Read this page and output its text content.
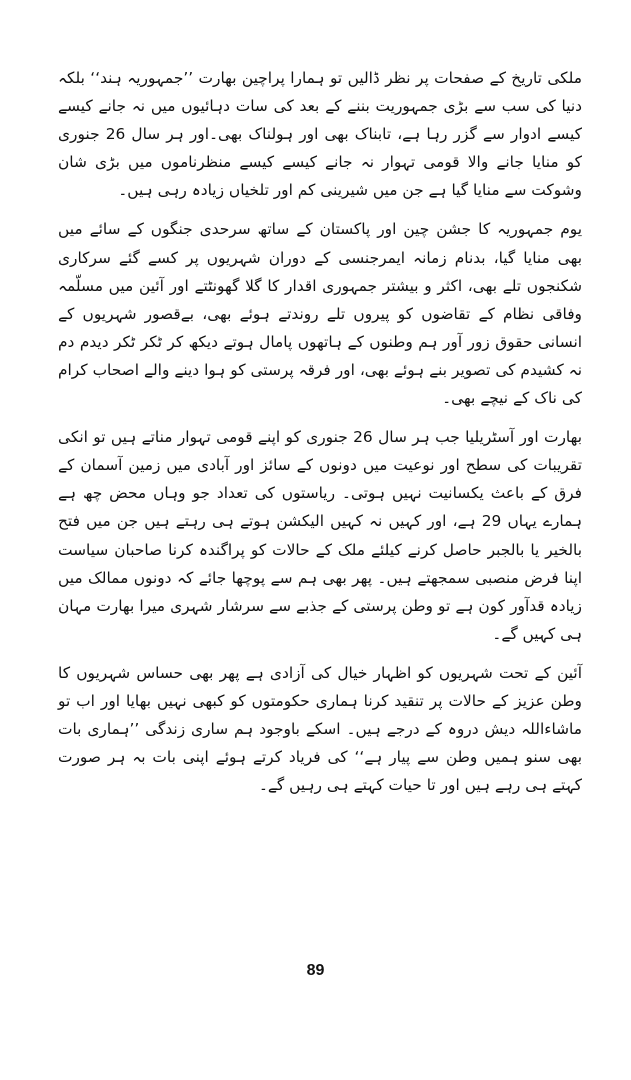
ملکی تاریخ کے صفحات پر نظر ڈالیں تو ہمارا پراچین بھارت ’’جمہوریہ ہند‘‘ بلکہ دنیا کی سب سے بڑی جمہوریت بننے کے بعد کی سات دہائیوں میں نہ جانے کیسے کیسے ادوار سے گزر رہا ہے، تابناک بھی اور ہولناک بھی۔اور ہر سال 26 جنوری کو منایا جانے والا قومی تہوار نہ جانے کیسے کیسے منظرناموں میں بڑی شان وشوکت سے منایا گیا ہے جن میں شیرینی کم اور تلخیاں زیادہ رہی ہیں۔

یوم جمہوریہ کا جشن چین اور پاکستان کے ساتھ سرحدی جنگوں کے سائے میں بھی منایا گیا، بدنام زمانہ ایمرجنسی کے دوران شہریوں پر کسے گئے سرکاری شکنجوں تلے بھی، اکثر و بیشتر جمہوری اقدار کا گلا گھونٹتے اور آئین میں مسلّمہ وفاقی نظام کے تقاضوں کو پیروں تلے روندتے ہوئے بھی، بےقصور شہریوں کے انسانی حقوق زور آور ہم وطنوں کے ہاتھوں پامال ہوتے دیکھ کر ٹکر ٹکر دیدم دم نہ کشیدم کی تصویر بنے ہوئے بھی، اور فرقہ پرستی کو ہوا دینے والے اصحاب کرام کی ناک کے نیچے بھی۔

بھارت اور آسٹریلیا جب ہر سال 26 جنوری کو اپنے قومی تہوار مناتے ہیں تو انکی تقریبات کی سطح اور نوعیت میں دونوں کے سائز اور آبادی میں زمین آسمان کے فرق کے باعث یکسانیت نہیں ہوتی۔ ریاستوں کی تعداد جو وہاں محض چھ ہے ہمارے یہاں 29 ہے، اور کہیں نہ کہیں الیکشن ہوتے ہی رہتے ہیں جن میں فتح بالخیر یا بالجبر حاصل کرنے کیلئے ملک کے حالات کو پراگندہ کرنا صاحبان سیاست اپنا فرض منصبی سمجھتے ہیں۔ پھر بھی ہم سے پوچھا جائے کہ دونوں ممالک میں زیادہ قدآور کون ہے تو وطن پرستی کے جذبے سے سرشار شہری میرا بھارت مہان ہی کہیں گے۔

آئین کے تحت شہریوں کو اظہار خیال کی آزادی ہے پھر بھی حساس شہریوں کا وطن عزیز کے حالات پر تنقید کرنا ہماری حکومتوں کو کبھی نہیں بھایا اور اب تو ماشاءاللہ دیش دروہ کے درجے ہیں۔ اسکے باوجود ہم ساری زندگی ’’ہماری بات بھی سنو ہمیں وطن سے پیار ہے‘‘ کی فریاد کرتے ہوئے اپنی بات بہ ہر صورت کہتے ہی رہے ہیں اور تا حیات کہتے ہی رہیں گے۔

89
